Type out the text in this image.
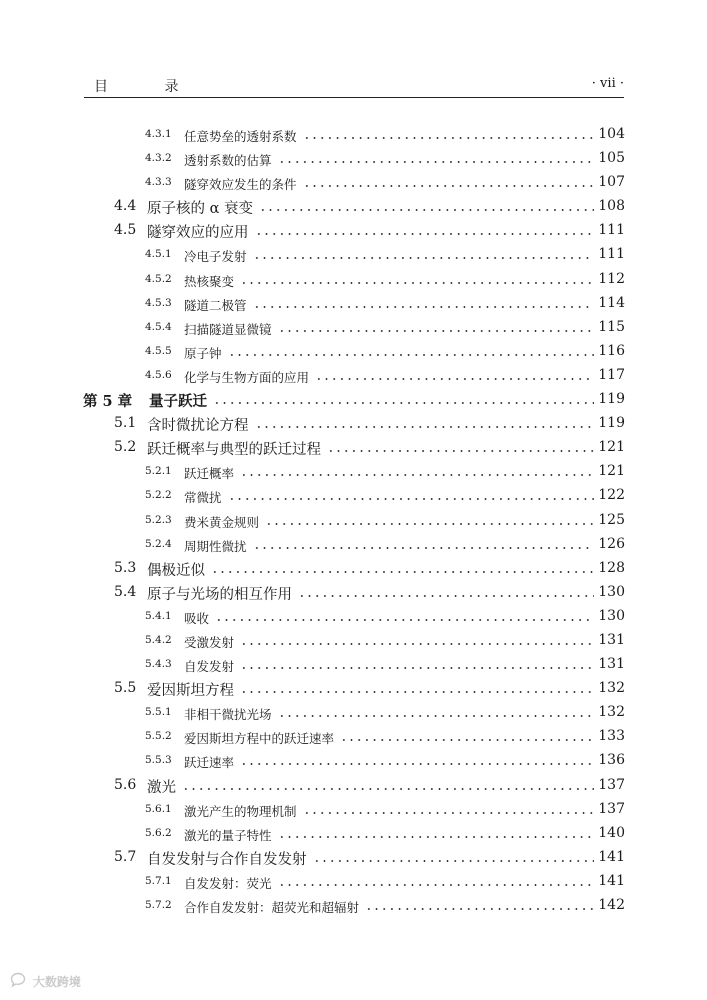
目 录	· vii ·
4.3.1 任意势垒的透射系数	104
4.3.2 透射系数的估算	105
4.3.3 隧穿效应发生的条件	107
4.4 原子核的 α 衰变	108
4.5 隧穿效应的应用	111
4.5.1 冷电子发射	111
4.5.2 热核聚变	112
4.5.3 隧道二极管	114
4.5.4 扫描隧道显微镜	115
4.5.5 原子钟	116
4.5.6 化学与生物方面的应用	117
第 5 章 量子跃迁	119
5.1 含时微扰论方程	119
5.2 跃迁概率与典型的跃迁过程	121
5.2.1 跃迁概率	121
5.2.2 常微扰	122
5.2.3 费米黄金规则	125
5.2.4 周期性微扰	126
5.3 偶极近似	128
5.4 原子与光场的相互作用	130
5.4.1 吸收	130
5.4.2 受激发射	131
5.4.3 自发发射	131
5.5 爱因斯坦方程	132
5.5.1 非相干微扰光场	132
5.5.2 爱因斯坦方程中的跃迁速率	133
5.5.3 跃迁速率	136
5.6 激光	137
5.6.1 激光产生的物理机制	137
5.6.2 激光的量子特性	140
5.7 自发发射与合作自发发射	141
5.7.1 自发发射：荧光	141
5.7.2 合作自发发射：超荧光和超辐射	142
大数跨境
